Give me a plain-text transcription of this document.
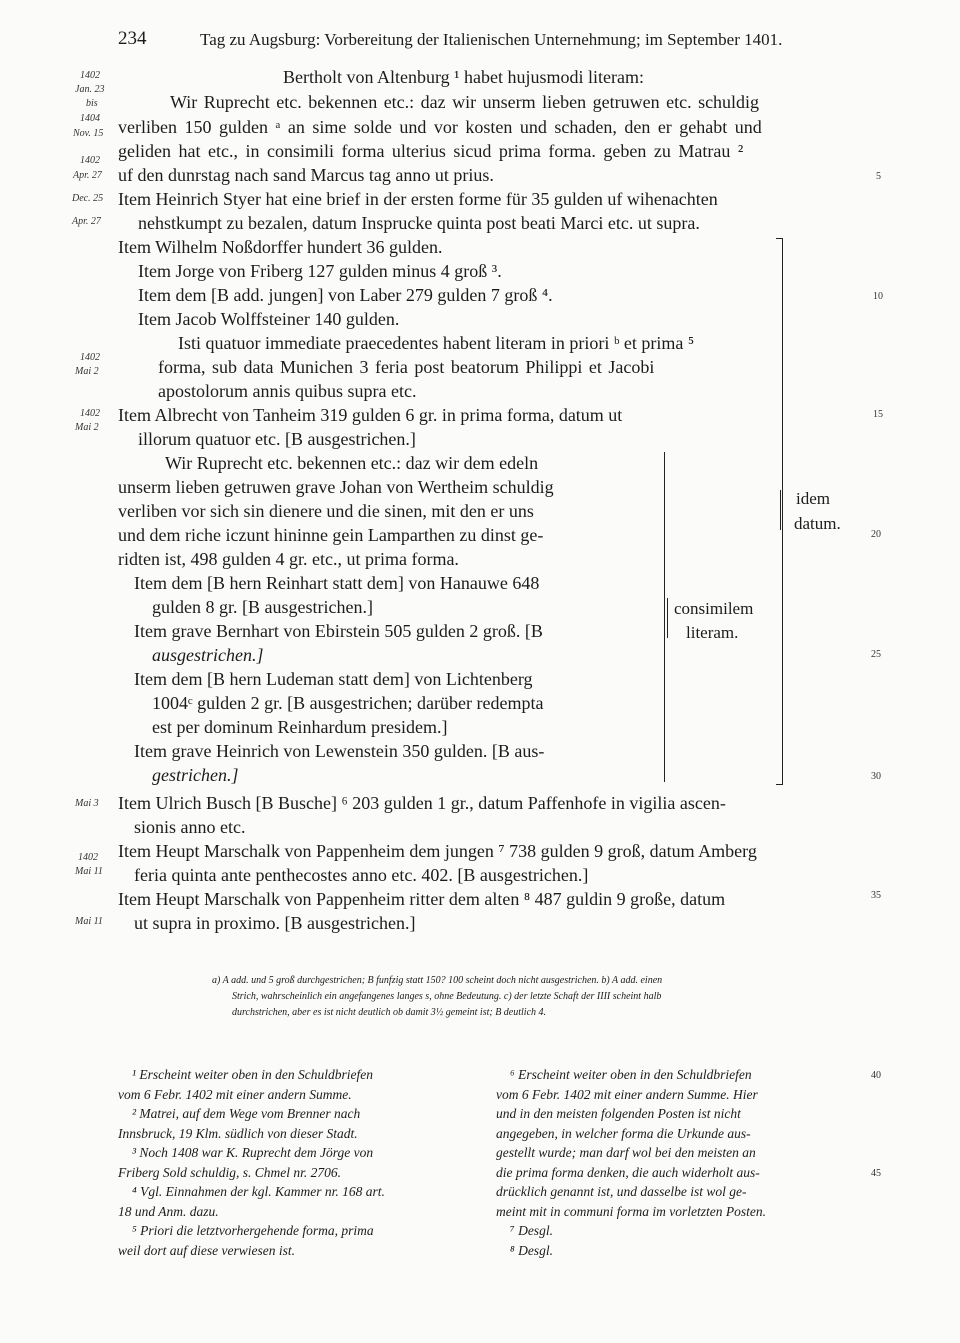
234	Tag zu Augsburg: Vorbereitung der Italienischen Unternehmung; im September 1401.
Bertholt von Altenburg ¹ habet hujusmodi literam:
Wir Ruprecht etc. bekennen etc.: daz wir unserm lieben getruwen etc. schuldig
verliben 150 gulden ᵃ an sime solde und vor kosten und schaden, den er gehabt und
geliden hat etc., in consimili forma ulterius sicud prima forma. geben zu Matrau ²
uf den dunrstag nach sand Marcus tag anno ut prius.
Item Heinrich Styer hat eine brief in der ersten forme für 35 gulden uf wihenachten
nehstkumpt zu bezalen, datum Insprucke quinta post beati Marci etc. ut supra.
Item Wilhelm Noßdorffer hundert 36 gulden.
Item Jorge von Friberg 127 gulden minus 4 groß ³.
Item dem [B add. jungen] von Laber 279 gulden 7 groß ⁴.
Item Jacob Wolffsteiner 140 gulden.
Isti quatuor immediate praecedentes habent literam in priori ᵇ et prima ⁵
forma, sub data Munichen 3 feria post beatorum Philippi et Jacobi
apostolorum annis quibus supra etc.
Item Albrecht von Tanheim 319 gulden 6 gr. in prima forma, datum ut
illorum quatuor etc. [B ausgestrichen.]
Wir Ruprecht etc. bekennen etc.: daz wir dem edeln
unserm lieben getruwen grave Johan von Wertheim schuldig
verliben vor sich sin dienere und die sinen, mit den er uns
und dem riche iczunt hininne gein Lamparthen zu dinst ge-
ridten ist, 498 gulden 4 gr. etc., ut prima forma.
Item dem [B hern Reinhart statt dem] von Hanauwe 648
gulden 8 gr. [B ausgestrichen.]
Item grave Bernhart von Ebirstein 505 gulden 2 groß. [B
ausgestrichen.]
Item dem [B hern Ludeman statt dem] von Lichtenberg
1004ᶜ gulden 2 gr. [B ausgestrichen; darüber redempta
est per dominum Reinhardum presidem.]
Item grave Heinrich von Lewenstein 350 gulden. [B aus-
gestrichen.]
Item Ulrich Busch [B Busche] ⁶ 203 gulden 1 gr., datum Paffenhofe in vigilia ascen-
sionis anno etc.
Item Heupt Marschalk von Pappenheim dem jungen ⁷ 738 gulden 9 groß, datum Amberg
feria quinta ante penthecostes anno etc. 402. [B ausgestrichen.]
Item Heupt Marschalk von Pappenheim ritter dem alten ⁸ 487 guldin 9 große, datum
ut supra in proximo. [B ausgestrichen.]
idem
datum.
consimilem
literam.
1402
Jan. 23
bis
1404
Nov. 15
1402
Apr. 27
Dec. 25
Apr. 27
1402
Mai 2
1402
Mai 2
Mai 3
1402
Mai 11
Mai 11
5
10
15
20
25
30
35
40
45
a) A add. und 5 groß durchgestrichen; B funfzig statt 150? 100 scheint doch nicht ausgestrichen. b) A add. einen
Strich, wahrscheinlich ein angefangenes langes s, ohne Bedeutung. c) der letzte Schaft der IIII scheint halb
durchstrichen, aber es ist nicht deutlich ob damit 3½ gemeint ist; B deutlich 4.
¹ Erscheint weiter oben in den Schuldbriefen
vom 6 Febr. 1402 mit einer andern Summe.
² Matrei, auf dem Wege vom Brenner nach
Innsbruck, 19 Klm. südlich von dieser Stadt.
³ Noch 1408 war K. Ruprecht dem Jörge von
Friberg Sold schuldig, s. Chmel nr. 2706.
⁴ Vgl. Einnahmen der kgl. Kammer nr. 168 art.
18 und Anm. dazu.
⁵ Priori die letztvorhergehende forma, prima
weil dort auf diese verwiesen ist.
⁶ Erscheint weiter oben in den Schuldbriefen
vom 6 Febr. 1402 mit einer andern Summe. Hier
und in den meisten folgenden Posten ist nicht
angegeben, in welcher forma die Urkunde aus-
gestellt wurde; man darf wol bei den meisten an
die prima forma denken, die auch widerholt aus-
drücklich genannt ist, und dasselbe ist wol ge-
meint mit in communi forma im vorletzten Posten.
⁷ Desgl.
⁸ Desgl.
